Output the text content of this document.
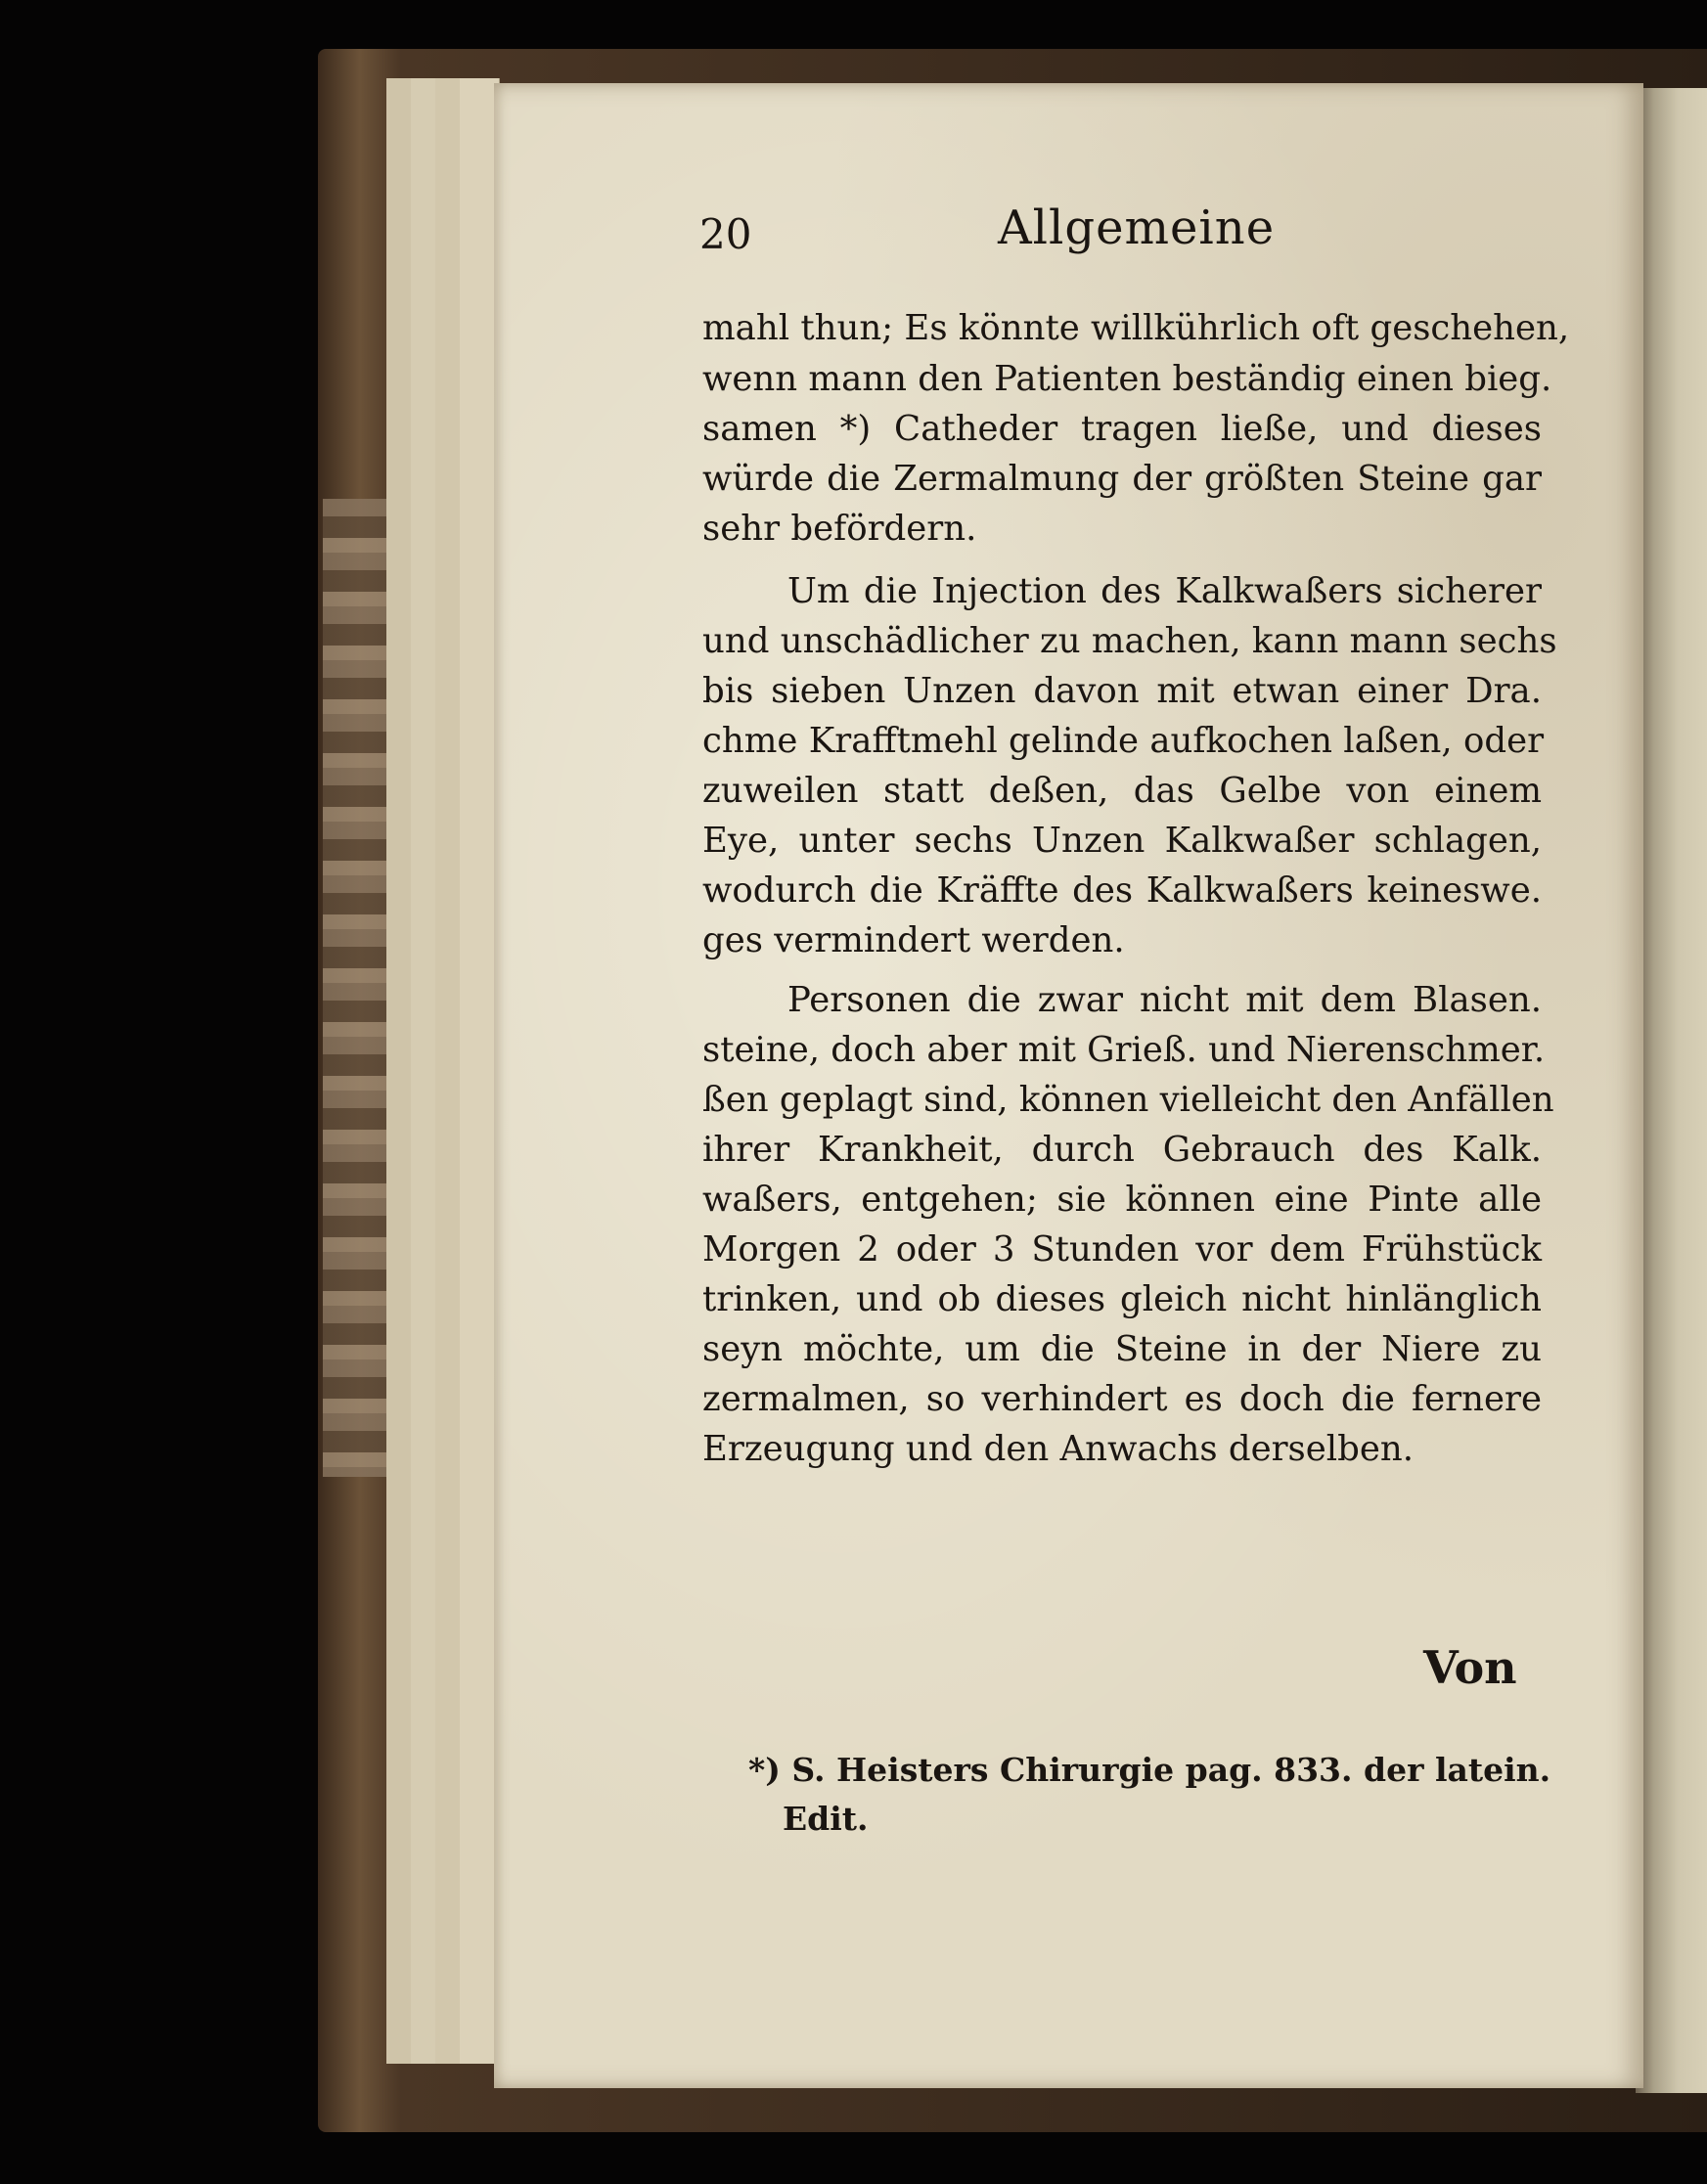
20	Allgemeine
mahl thun; Es könnte willkührlich oft geschehen,
wenn mann den Patienten beständig einen bieg.
samen *) Catheder tragen ließe, und dieses
würde die Zermalmung der größten Steine gar
sehr befördern.
Um die Injection des Kalkwaßers sicherer
und unschädlicher zu machen, kann mann sechs
bis sieben Unzen davon mit etwan einer Dra.
chme Krafftmehl gelinde aufkochen laßen, oder
zuweilen statt deßen, das Gelbe von einem
Eye, unter sechs Unzen Kalkwaßer schlagen,
wodurch die Kräffte des Kalkwaßers keineswe.
ges vermindert werden.
Personen die zwar nicht mit dem Blasen.
steine, doch aber mit Grieß. und Nierenschmer.
ßen geplagt sind, können vielleicht den Anfällen
ihrer Krankheit, durch Gebrauch des Kalk.
waßers, entgehen; sie können eine Pinte alle
Morgen 2 oder 3 Stunden vor dem Frühstück
trinken, und ob dieses gleich nicht hinlänglich
seyn möchte, um die Steine in der Niere zu
zermalmen, so verhindert es doch die fernere
Erzeugung und den Anwachs derselben.
Von
*) S. Heisters Chirurgie pag. 833. der latein.
Edit.
